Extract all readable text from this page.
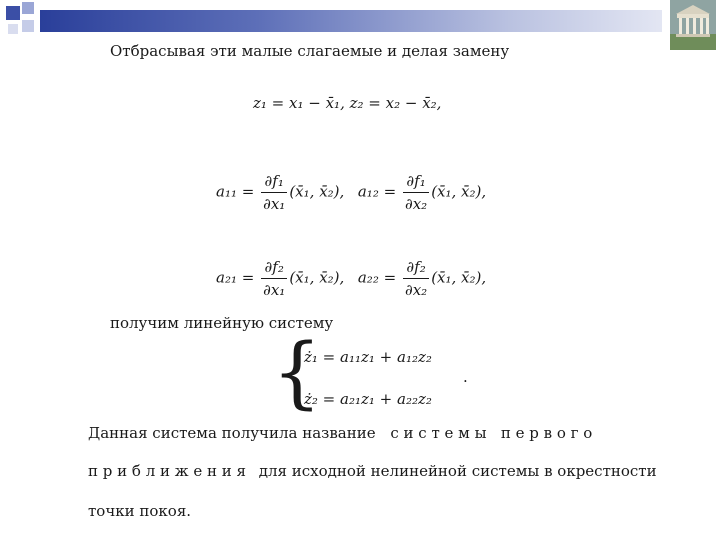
Отбрасывая эти малые слагаемые и делая замену
z₁ = x₁ − x̄₁, z₂ = x₂ − x̄₂,
$a_{11} = \frac{\text{∂f₁}}{\text{∂x₁}}$ (x̄₁, x̄₂), $a_{12} = \frac{\text{∂f₁}}{\text{∂x₂}}$ (x̄₁, x̄₂),
$a_{21} = \frac{\text{∂f₂}}{\text{∂x₁}}$ (x̄₁, x̄₂), $a_{22} = \frac{\text{∂f₂}}{\text{∂x₂}}$ (x̄₁, x̄₂),
получим линейную систему
{
ż₁ = a₁₁z₁ + a₁₂z₂
ż₂ = a₂₁z₁ + a₂₂z₂
.
Данная система получила название с и с т е м ы   п е р в о г о
п р и б л и ж е н и я для исходной нелинейной системы в окрестности
точки покоя.
